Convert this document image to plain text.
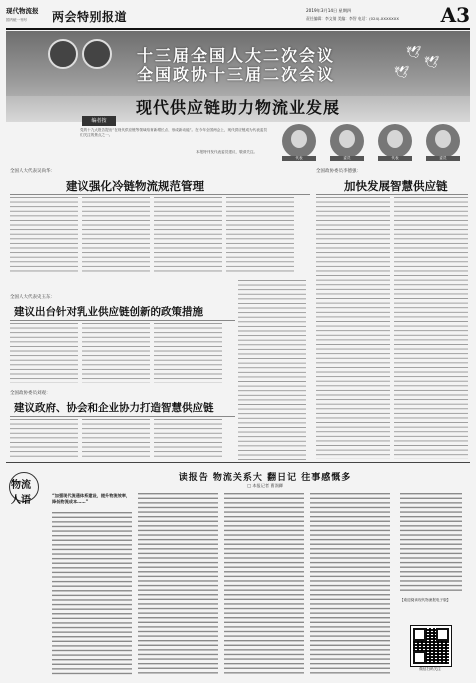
现代物流报
国内统一刊号	两会特别报道	2019年3月14日 星期四
责任编辑：李文倩 美编：李智 电话：(024)-XXXXXXX A3
十三届全国人大二次会议
全国政协十三届二次会议
🕊
🕊
🕊
现代供应链助力物流业发展
编者按
党的十九大报告提出“在现代供应链等领域培育新增长点、形成新动能”。在今年全国两会上，现代供应链成为代表委员们关注的焦点之一。
本报特刊发代表委员建议，敬请关注。
代表	委员	代表	委员
全国人大代表吴尚华：
建议强化冷链物流规范管理
全国人大代表史玉东：
建议出台针对乳业供应链创新的政策措施
全国政协委员刘观：
建议政府、协会和企业协力打造智慧供应链
全国政协委员李德强：
加快发展智慧供应链
物流人语
读报告 物流关系大 翻日记 往事感慨多
□ 本报记者 曹润卿
“加强现代流通体系建设，提升物流效率，降低物流成本……”
【欢迎阅读现代物流报电子版】
微信扫码关注
